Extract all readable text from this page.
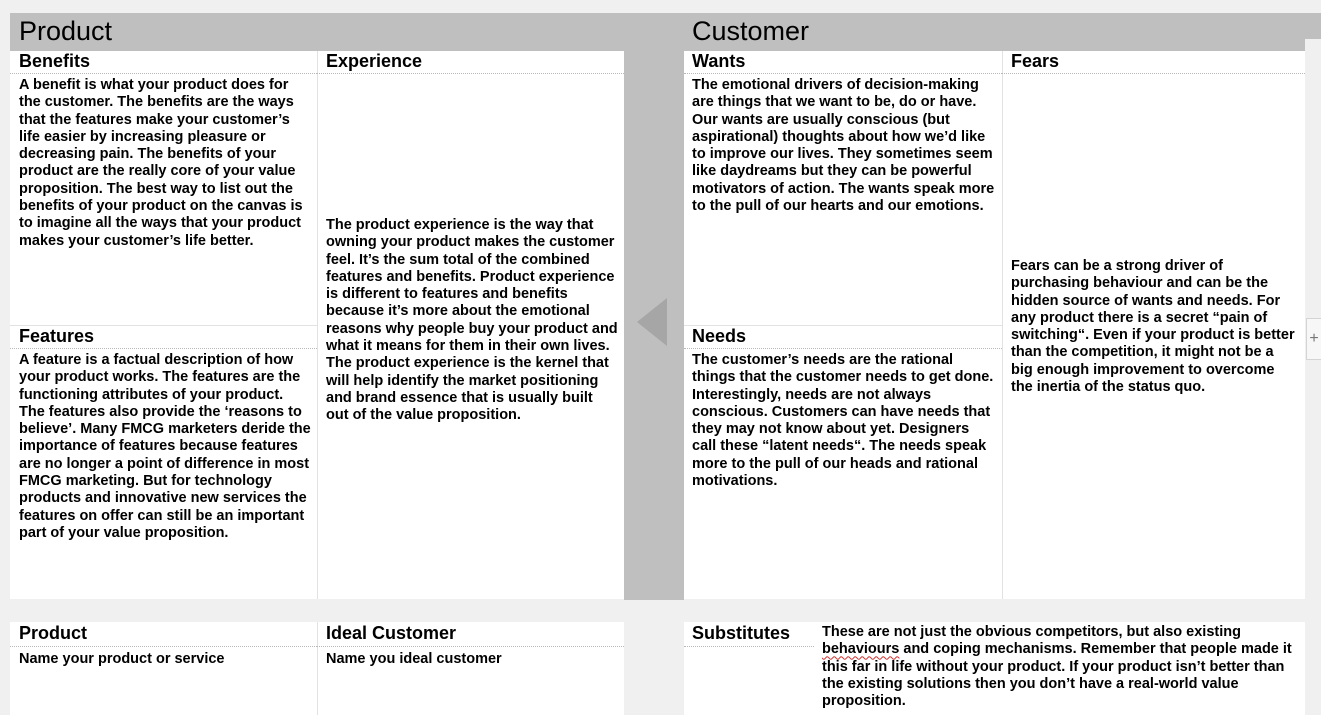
Product
Benefits
A benefit is what your product does for the customer. The benefits are the ways that the features make your customer’s life easier by increasing pleasure or decreasing pain. The benefits of your product are the really core of your value proposition. The best way to list out the benefits of your product on the canvas is to imagine all the ways that your product makes your customer’s life better.
Experience
The product experience is the way that owning your product makes the customer feel. It’s the sum total of the combined features and benefits. Product experience is different to features and benefits because it’s more about the emotional reasons why people buy your product and what it means for them in their own lives. The product experience is the kernel that will help identify the market positioning and brand essence that is usually built out of the value proposition.
Features
A feature is a factual description of how your product works. The features are the functioning attributes of your product. The features also provide the ‘reasons to believe’. Many FMCG marketers deride the importance of features because features are no longer a point of difference in most FMCG marketing. But for technology products and innovative new services the features on offer can still be an important part of your value proposition.
Customer
Wants
The emotional drivers of decision-making are things that we want to be, do or have. Our wants are usually conscious (but aspirational) thoughts about how we’d like to improve our lives. They sometimes seem like daydreams but they can be powerful motivators of action. The wants speak more to the pull of our hearts and our emotions.
Fears
Fears can be a strong driver of purchasing behaviour and can be the hidden source of wants and needs. For any product there is a secret “pain of switching“. Even if your product is better than the competition, it might not be a big enough improvement to overcome the inertia of the status quo.
Needs
The customer’s needs are the rational things that the customer needs to get done. Interestingly, needs are not always conscious. Customers can have needs that they may not know about yet. Designers call these “latent needs“. The needs speak more to the pull of our heads and rational motivations.
+
Product
Name your product or service
Ideal Customer
Name you ideal customer
Substitutes	These are not just the obvious competitors, but also existing behaviours and coping mechanisms. Remember that people made it this far in life without your product. If your product isn’t better than the existing solutions then you don’t have a real-world value proposition.
